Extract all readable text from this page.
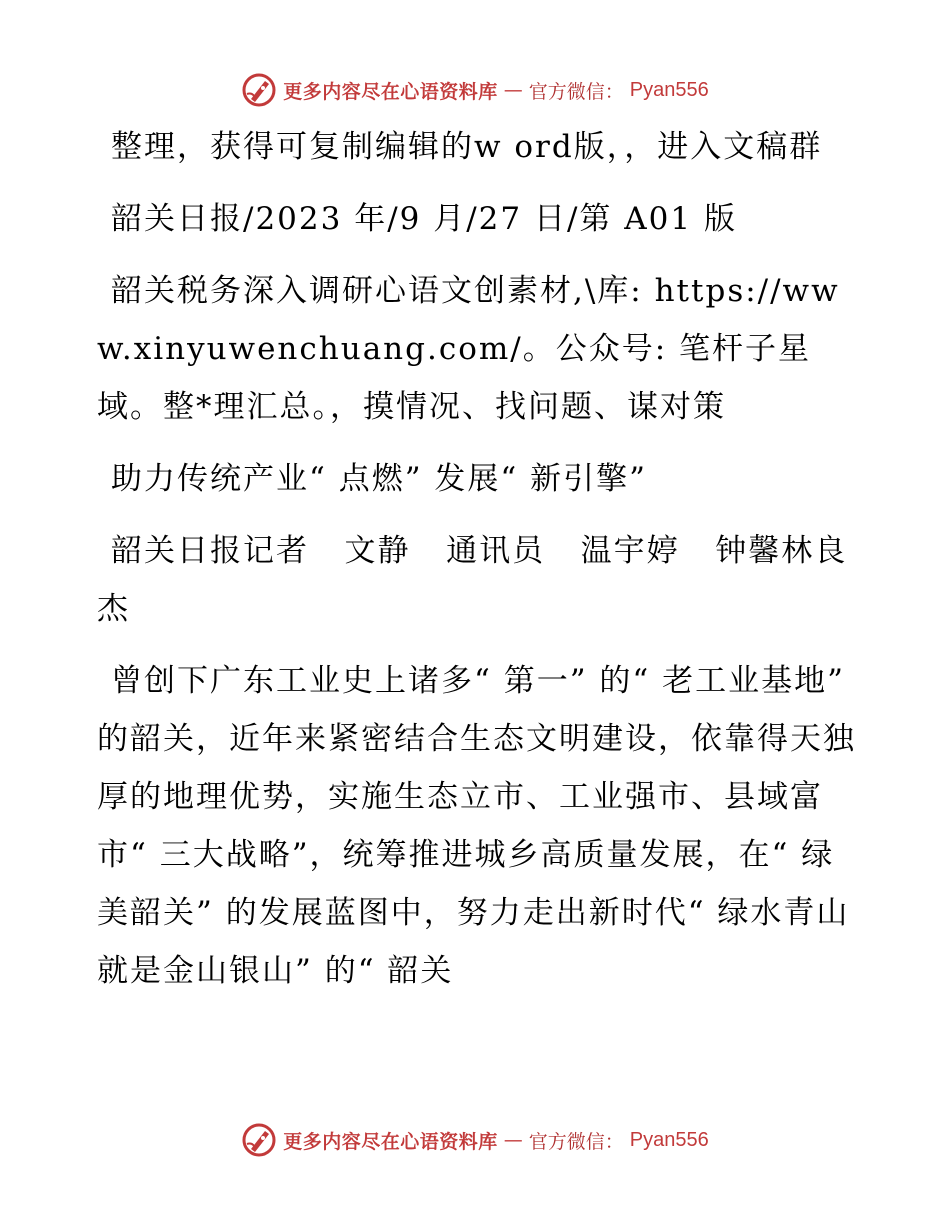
更多内容尽在心语资料库 — 官方微信： Pyan556

整理，获得可复制编辑的w ord版，，进入文稿群

韶关日报/2023 年/9 月/27 日/第 A01 版

韶关税务深入调研心语文创素材,\库: https://www.xinyuwenchuang.com/。公众号: 笔杆子星域。整*理汇总。，摸情况、找问题、谋对策

助力传统产业“ 点燃” 发展“ 新引擎”

韶关日报记者   文静   通讯员   温宇婷   钟馨林良杰

曾创下广东工业史上诸多“ 第一” 的“ 老工业基地” 的韶关，近年来紧密结合生态文明建设，依靠得天独厚的地理优势，实施生态立市、工业强市、县域富市“ 三大战略”，统筹推进城乡高质量发展，在“ 绿美韶关” 的发展蓝图中，努力走出新时代“ 绿水青山就是金山银山” 的“ 韶关

更多内容尽在心语资料库 — 官方微信： Pyan556
